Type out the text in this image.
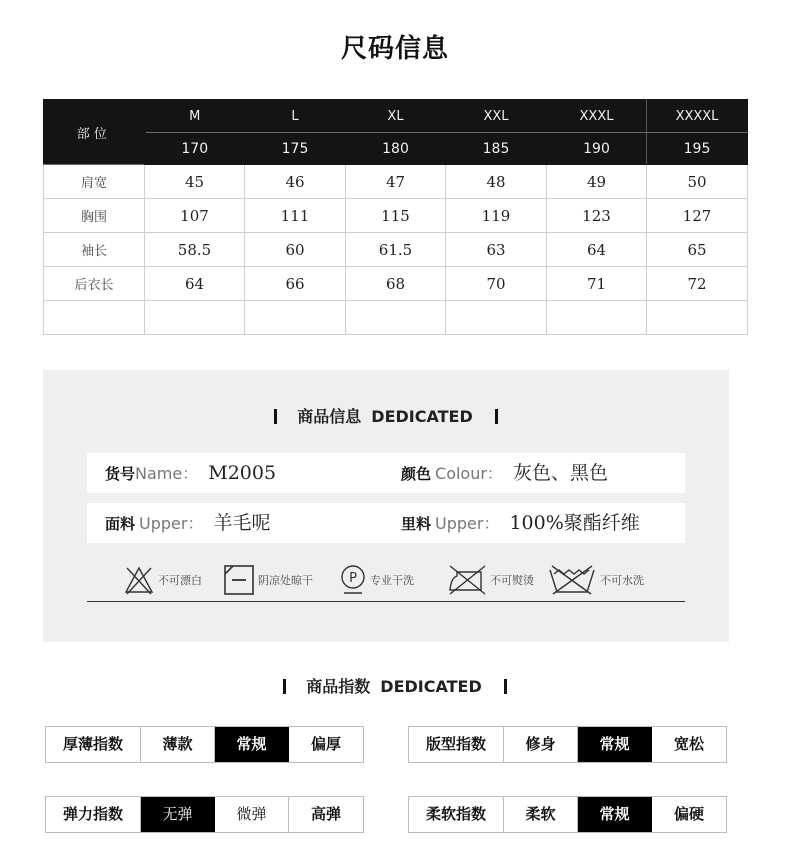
尺码信息
部位	M	L	XL	XXL	XXXL	XXXXL
	170	175	180	185	190	195
肩宽	45	46	47	48	49	50
胸围	107	111	115	119	123	127
袖长	58.5	60	61.5	63	64	65
后衣长	64	66	68	70	71	72

商品信息 DEDICATED
货号Name： M2005	颜色 Colour： 灰色、黑色
面料 Upper： 羊毛呢	里料 Upper： 100%聚酯纤维
不可漂白	阴凉处晾干	P 专业干洗	不可熨烫	不可水洗
商品指数 DEDICATED
厚薄指数	薄款	常规	偏厚	版型指数	修身	常规	宽松
弹力指数	无弹	微弹	高弹	柔软指数	柔软	常规	偏硬
